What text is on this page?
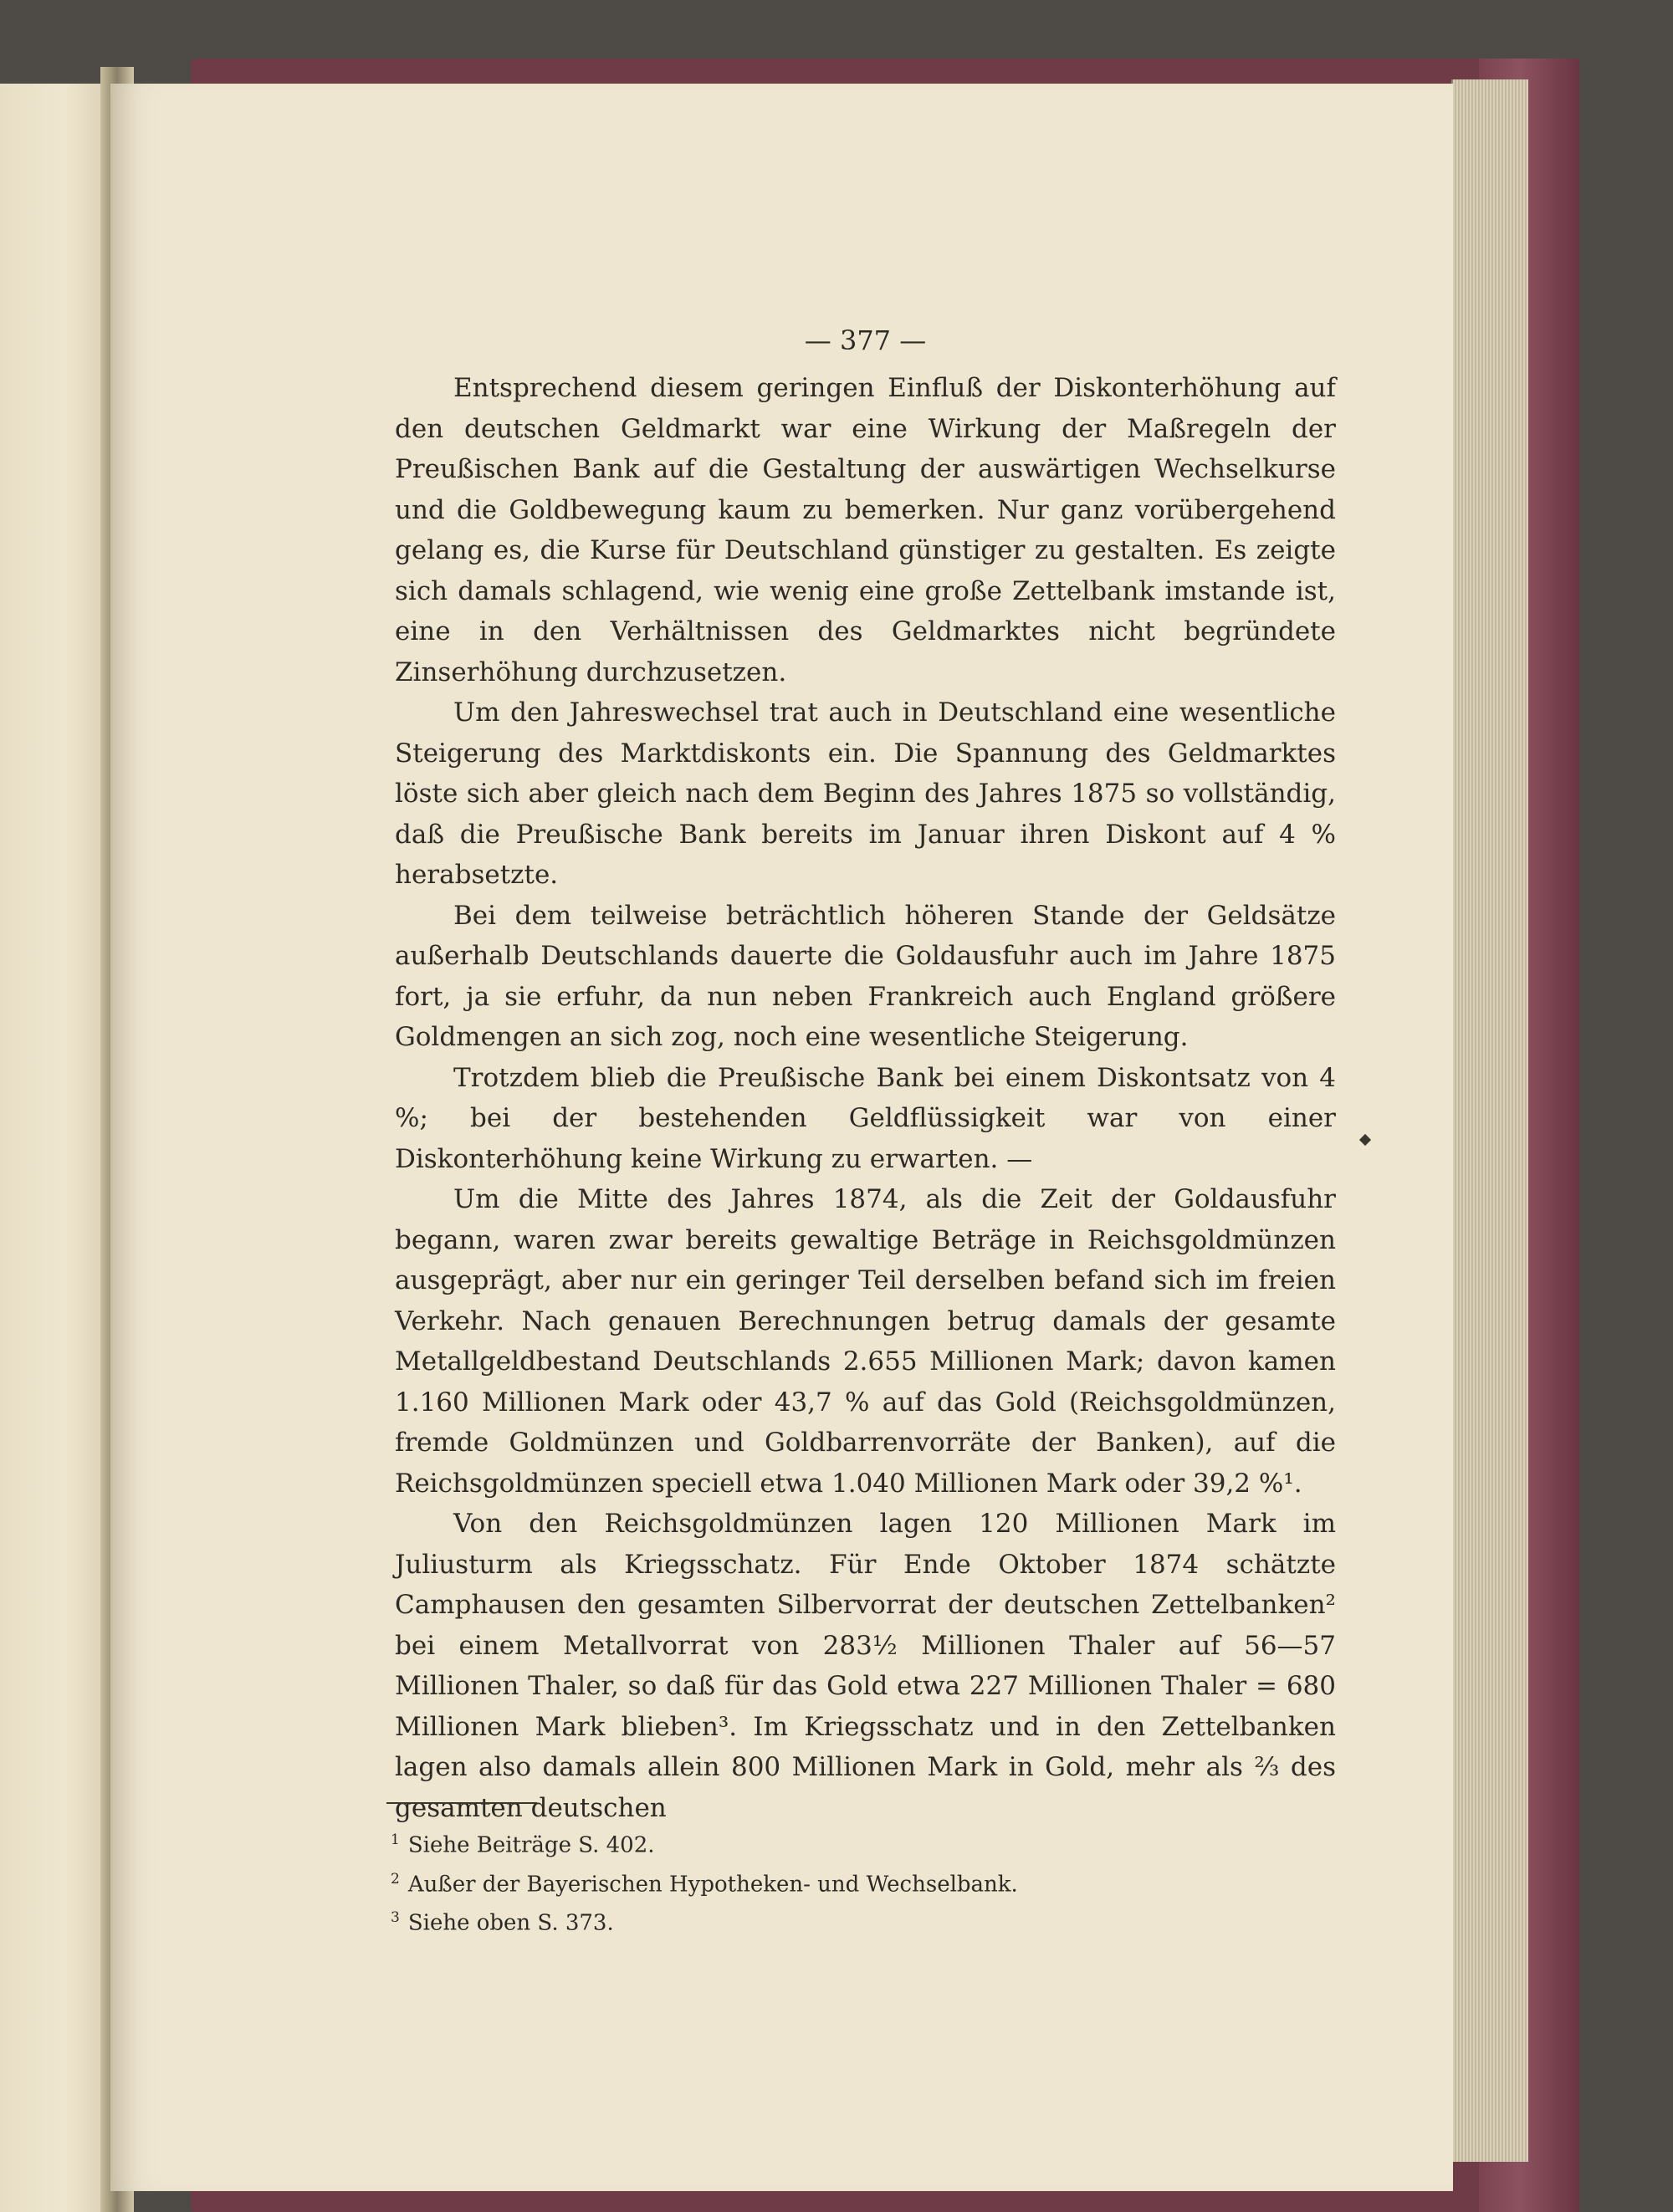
— 377 —

Entsprechend diesem geringen Einfluß der Diskonterhöhung auf den deutschen Geldmarkt war eine Wirkung der Maßregeln der Preußischen Bank auf die Gestaltung der auswärtigen Wechselkurse und die Goldbewegung kaum zu bemerken. Nur ganz vorübergehend gelang es, die Kurse für Deutschland günstiger zu gestalten. Es zeigte sich damals schlagend, wie wenig eine große Zettelbank imstande ist, eine in den Verhältnissen des Geldmarktes nicht begründete Zinserhöhung durchzusetzen.

Um den Jahreswechsel trat auch in Deutschland eine wesentliche Steigerung des Marktdiskonts ein. Die Spannung des Geldmarktes löste sich aber gleich nach dem Beginn des Jahres 1875 so vollständig, daß die Preußische Bank bereits im Januar ihren Diskont auf 4 % herabsetzte.

Bei dem teilweise beträchtlich höheren Stande der Geldsätze außerhalb Deutschlands dauerte die Goldausfuhr auch im Jahre 1875 fort, ja sie erfuhr, da nun neben Frankreich auch England größere Goldmengen an sich zog, noch eine wesentliche Steigerung.

Trotzdem blieb die Preußische Bank bei einem Diskontsatz von 4 %; bei der bestehenden Geldflüssigkeit war von einer Diskonterhöhung keine Wirkung zu erwarten. —

Um die Mitte des Jahres 1874, als die Zeit der Goldausfuhr begann, waren zwar bereits gewaltige Beträge in Reichsgoldmünzen ausgeprägt, aber nur ein geringer Teil derselben befand sich im freien Verkehr. Nach genauen Berechnungen betrug damals der gesamte Metallgeldbestand Deutschlands 2.655 Millionen Mark; davon kamen 1.160 Millionen Mark oder 43,7 % auf das Gold (Reichsgoldmünzen, fremde Goldmünzen und Goldbarrenvorräte der Banken), auf die Reichsgoldmünzen speciell etwa 1.040 Millionen Mark oder 39,2 %¹.

Von den Reichsgoldmünzen lagen 120 Millionen Mark im Juliusturm als Kriegsschatz. Für Ende Oktober 1874 schätzte Camphausen den gesamten Silbervorrat der deutschen Zettelbanken² bei einem Metallvorrat von 283½ Millionen Thaler auf 56—57 Millionen Thaler, so daß für das Gold etwa 227 Millionen Thaler = 680 Millionen Mark blieben³. Im Kriegsschatz und in den Zettelbanken lagen also damals allein 800 Millionen Mark in Gold, mehr als ⅔ des gesamten deutschen

$^1$ Siehe Beiträge S. 402.

$^2$ Außer der Bayerischen Hypotheken- und Wechselbank.

$^3$ Siehe oben S. 373.
